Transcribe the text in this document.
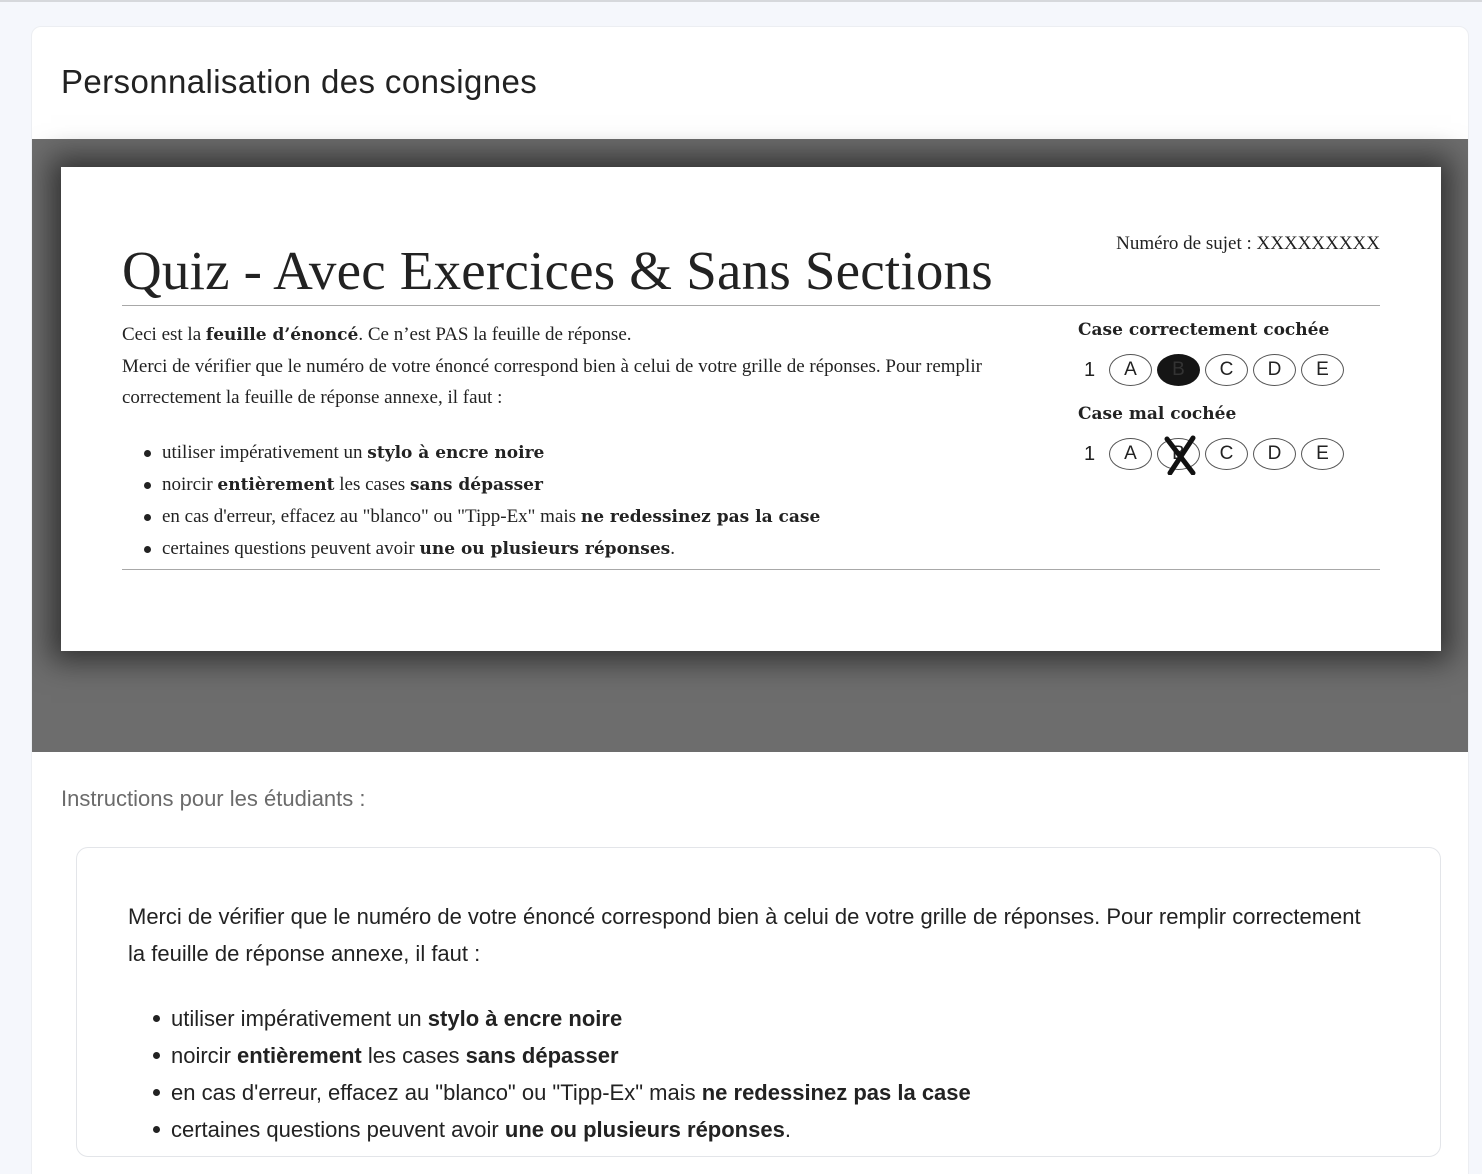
Personnalisation des consignes
Quiz - Avec Exercices & Sans Sections	Numéro de sujet : XXXXXXXXX
Ceci est la feuille d’énoncé. Ce n’est PAS la feuille de réponse.
Merci de vérifier que le numéro de votre énoncé correspond bien à celui de votre grille de réponses. Pour remplir correctement la feuille de réponse annexe, il faut :
utiliser impérativement un stylo à encre noire
noircir entièrement les cases sans dépasser
en cas d'erreur, effacez au "blanco" ou "Tipp-Ex" mais ne redessinez pas la case
certaines questions peuvent avoir une ou plusieurs réponses.
Case correctement cochée
1	A	B	C	D	E
Case mal cochée
1	A	B	C	D	E
Instructions pour les étudiants :
Merci de vérifier que le numéro de votre énoncé correspond bien à celui de votre grille de réponses. Pour remplir correctement la feuille de réponse annexe, il faut :
utiliser impérativement un stylo à encre noire
noircir entièrement les cases sans dépasser
en cas d'erreur, effacez au "blanco" ou "Tipp-Ex" mais ne redessinez pas la case
certaines questions peuvent avoir une ou plusieurs réponses.
